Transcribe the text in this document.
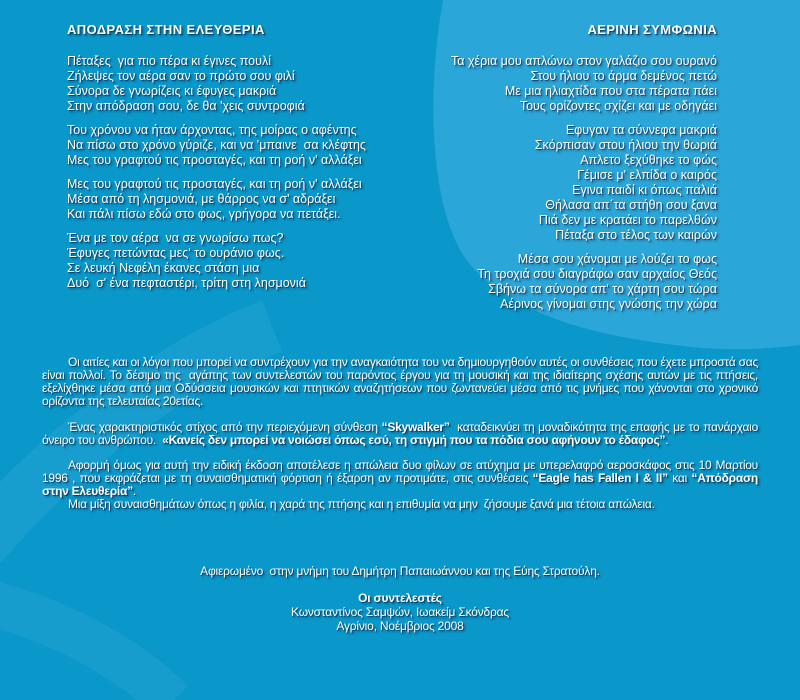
ΑΠΟΔΡΑΣΗ ΣΤΗΝ ΕΛΕΥΘΕΡΙΑ
Πέταξες  για πιο πέρα κι έγινες πουλί
Ζήλεψες τον αέρα σαν το πρώτο σου φιλί
Σύνορα δε γνωρίζεις κι έφυγες μακριά
Στην απόδραση σου, δε θα 'χεις συντροφιά
Του χρόνου να ήταν άρχοντας, της μοίρας ο αφέντης
Να πίσω στο χρόνο γύριζε, και να 'μπαινε  σα κλέφτης
Μες του γραφτού τις προσταγές, και τη ροή ν' αλλάξει
Μες του γραφτού τις προσταγές, και τη ροή ν' αλλάξει
Μέσα από τη λησμονιά, με θάρρος να σ' αδράξει
Και πάλι πίσω εδώ στο φως, γρήγορα να πετάξει.
Ένα με τον αέρα  να σε γνωρίσω πως?
Έφυγες πετώντας μες' το ουράνιο φως.
Σε λευκή Νεφέλη έκανες στάση μια
Δυό  σ' ένα πεφταστέρι, τρίτη στη λησμονιά
ΑΕΡΙΝΗ ΣΥΜΦΩΝΙΑ
Τα χέρια μου απλώνω στον γαλάζιο σου ουρανό
Στου ήλιου το άρμα δεμένος πετώ
Με μια ηλιαχτίδα που στα πέρατα πάει
Τους ορίζοντες σχίζει και με οδηγάει
Εφυγαν τα σύννεφα μακριά
Σκόρπισαν στου ήλιου την θωριά
Απλετο ξεχύθηκε το φώς
Γέμισε μ' ελπίδα ο καιρός
Εγινα παιδί κι όπως παλιά
Θήλασα απ΄τα στήθη σου ξανα
Πιά δεν με κρατάει το παρελθών
Πέταξα στο τέλος των καιρών
Μέσα σου χάνομαι με λούζει το φως
Τη τροχιά σου διαγράφω σαν αρχαίος Θεός
Σβήνω τα σύνορα απ' το χάρτη σου τώρα
Αέρινος γίνομαι στης γνώσης την χώρα

Οι αιτίες και οι λόγοι που μπορεί να συντρέχουν για την αναγκαιότητα του να δημιουργηθούν αυτές οι συνθέσεις που έχετε μπροστά σας είναι πολλοί. Το δέσιμο της  αγάπης των συντελεστών του παρόντος έργου για τη μουσική και της ιδιαίτερης σχέσης αυτών με τις πτήσεις, εξελίχθηκε μέσα από μια Οδύσσεια μουσικών και πτητικών αναζητήσεων που ζωντανεύει μέσα από τις μνήμες που χάνονται στο χρονικό ορίζοντα της τελευταίας 20ετίας.

Ένας χαρακτηριστικός στίχος από την περιεχόμενη σύνθεση “Skywalker”  καταδεικνύει τη μοναδικότητα της επαφής με το πανάρχαιο όνειρο του ανθρώπου.  «Κανείς δεν μπορεί να νοιώσει όπως εσύ, τη στιγμή που τα πόδια σου αφήνουν το έδαφος”.

Αφορμή όμως για αυτή την ειδική έκδοση αποτέλεσε η απώλεια δυο φίλων σε ατύχημα με υπερελαφρό αεροσκάφος στις 10 Μαρτίου 1996 , που εκφράζεται με τη συναισθηματική φόρτιση ή έξαρση αν προτιμάτε, στις συνθέσεις “Eagle has Fallen I & II” και “Απόδραση στην Ελευθερία”.

Μια μίξη συναισθημάτων όπως η φιλία, η χαρά της πτήσης και η επιθυμία να μην  ζήσουμε ξανά μια τέτοια απώλεια.

Αφιερωμένο  στην μνήμη του Δημήτρη Παπαιωάννου και της Εύης Στρατούλη.
Οι συντελεστές
Κωνσταντίνος Σαμψών, Ιωακείμ Σκόνδρας
Αγρίνιο, Νοέμβριος 2008
